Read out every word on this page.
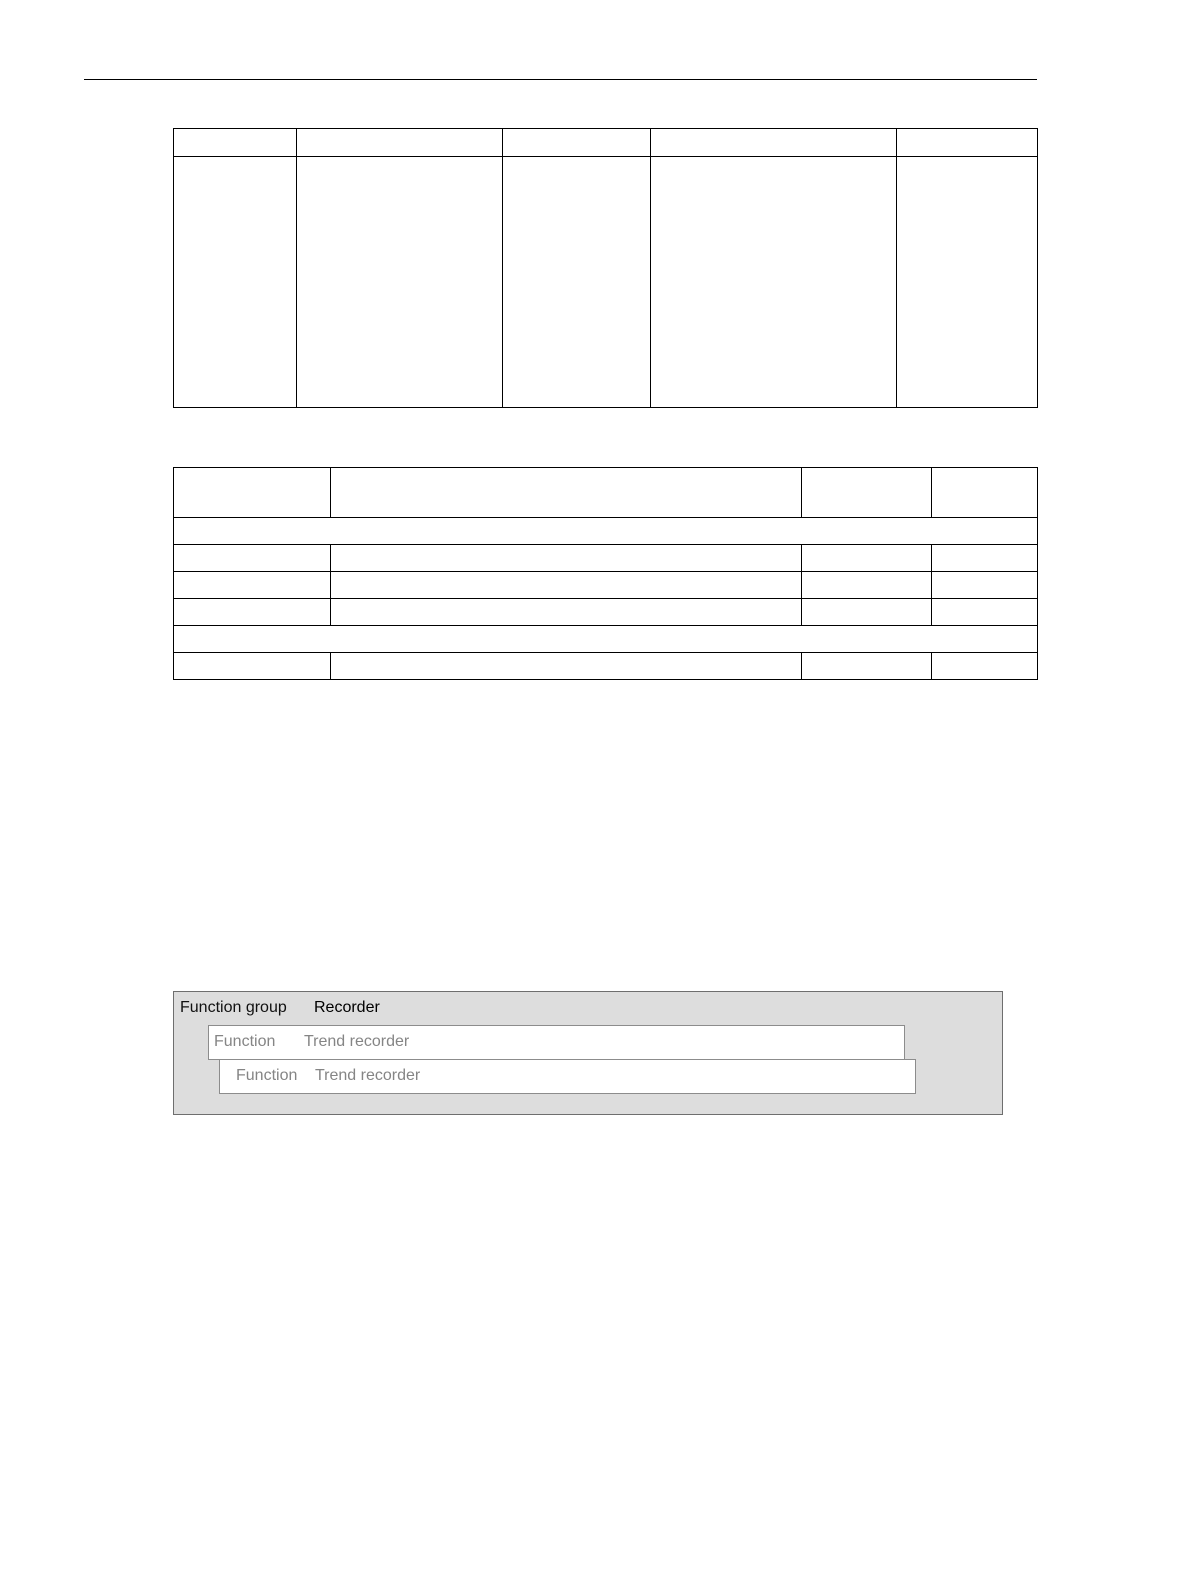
Function group Recorder
Function Trend recorder
Function Trend recorder
